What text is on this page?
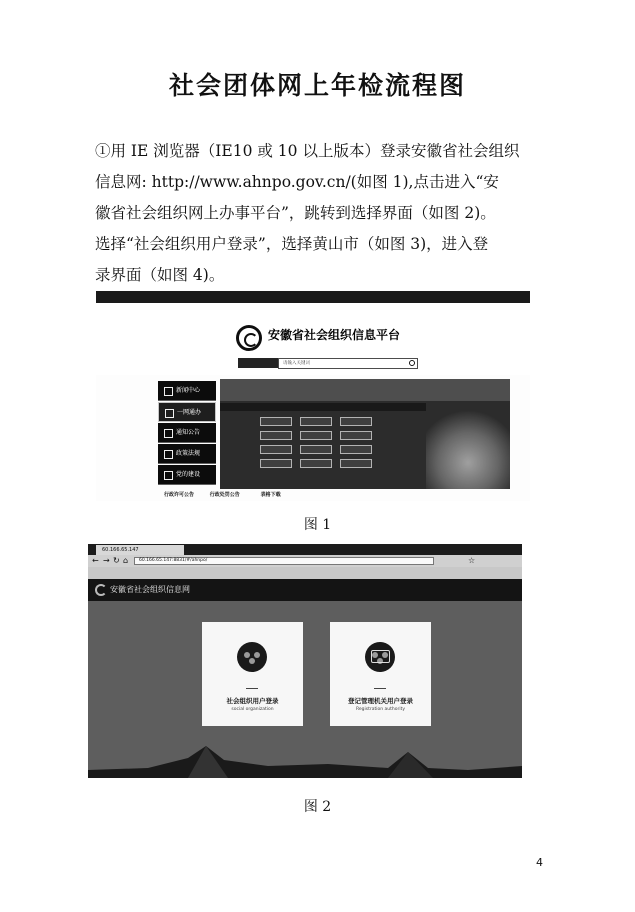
社会团体网上年检流程图
①用 IE 浏览器（IE10 或 10 以上版本）登录安徽省社会组织
信息网: http://www.ahnpo.gov.cn/(如图 1),点击进入“安
徽省社会组织网上办事平台”，跳转到选择界面（如图 2)。
选择“社会组织用户登录”，选择黄山市（如图 3)，进入登
录界面（如图 4)。
安徽省社会组织信息平台
请输入关键词
新闻中心
一网通办
通知公告
政策法规
党的建设
行政许可公告	行政处罚公告	表格下载
图 1
60.166.65.147
← → ↻ ⌂	60.166.65.147:8831/#/ahnpo/	☆
安徽省社会组织信息网
社会组织用户登录
social organization
登记管理机关用户登录
Registration authority
图 2
4
